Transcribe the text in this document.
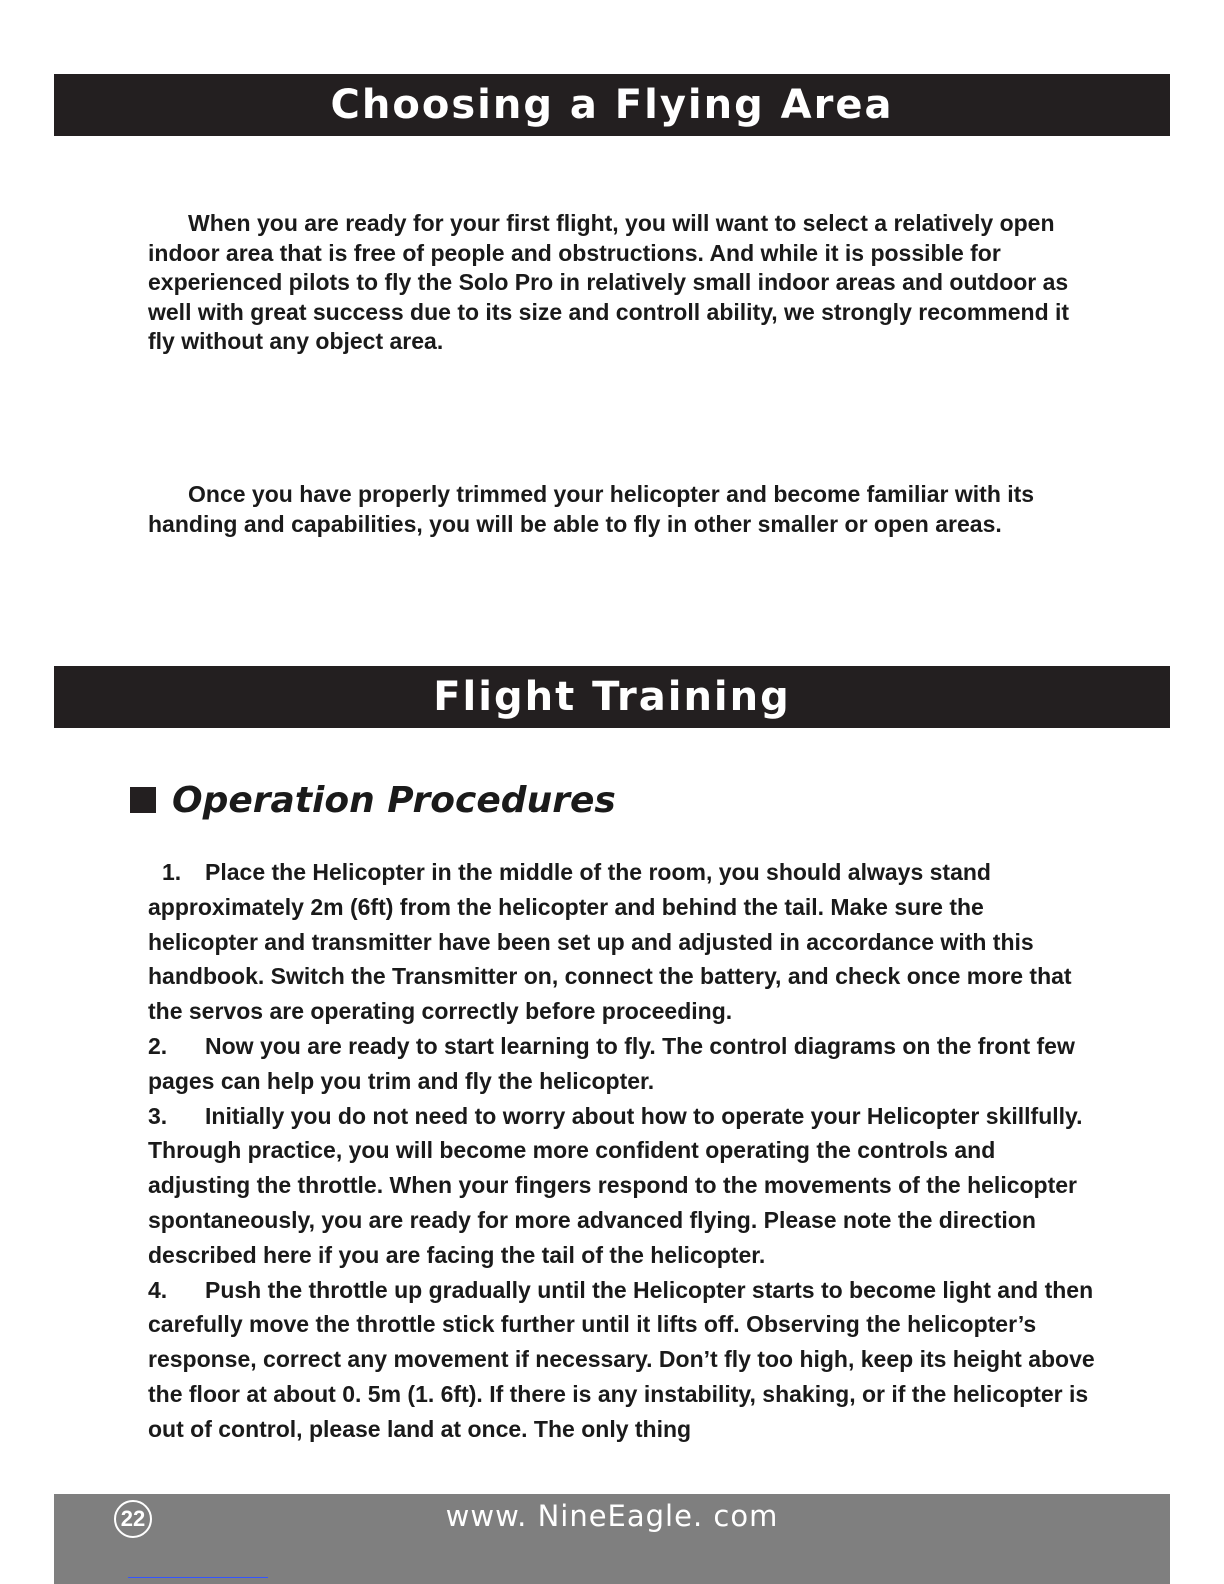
Choosing a Flying Area

When you are ready for your first flight, you will want to select a relatively open indoor area that is free of people and obstructions. And while it is possible for experienced pilots to fly the Solo Pro in relatively small indoor areas and outdoor as well with great success due to its size and controll ability, we strongly recommend it fly without any object area.

Once you have properly trimmed your helicopter and become familiar with its handing and capabilities, you will be able to fly in other smaller or open areas.

Flight Training
Operation Procedures
1. Place the Helicopter in the middle of the room, you should always stand approximately 2m (6ft) from the helicopter and behind the tail. Make sure the helicopter and transmitter have been set up and adjusted in accordance with this handbook. Switch the Transmitter on, connect the battery, and check once more that the servos are operating correctly before proceeding.
2. Now you are ready to start learning to fly. The control diagrams on the front few pages can help you trim and fly the helicopter.
3. Initially you do not need to worry about how to operate your Helicopter skillfully. Through practice, you will become more confident operating the controls and adjusting the throttle. When your fingers respond to the movements of the helicopter spontaneously, you are ready for more advanced flying. Please note the direction described here if you are facing the tail of the helicopter.
4. Push the throttle up gradually until the Helicopter starts to become light and then carefully move the throttle stick further until it lifts off. Observing the helicopter’s response, correct any movement if necessary. Don’t fly too high, keep its height above the floor at about 0. 5m (1. 6ft). If there is any instability, shaking, or if the helicopter is out of control, please land at once. The only thing
22	www. NineEagle. com
